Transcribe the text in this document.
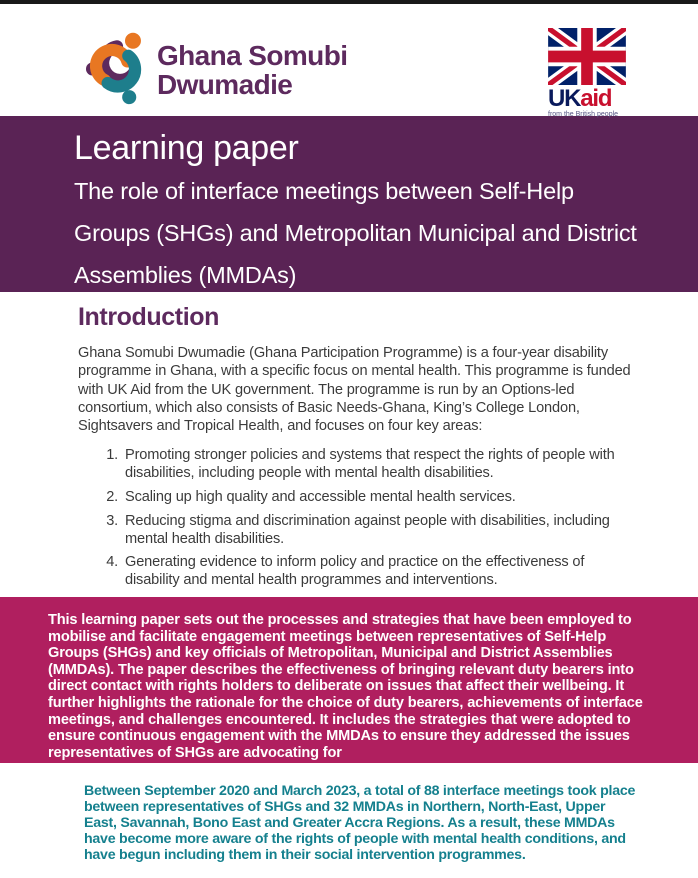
Ghana Somubi
Dwumadie	UKaid
from the British people
Learning paper
The role of interface meetings between Self-Help
Groups (SHGs) and Metropolitan Municipal and District
Assemblies (MMDAs)
Introduction

Ghana Somubi Dwumadie (Ghana Participation Programme) is a four-year disability programme in Ghana, with a specific focus on mental health. This programme is funded with UK Aid from the UK government. The programme is run by an Options-led consortium, which also consists of Basic Needs-Ghana, King’s College London, Sightsavers and Tropical Health, and focuses on four key areas:

1. Promoting stronger policies and systems that respect the rights of people with disabilities, including people with mental health disabilities.
2. Scaling up high quality and accessible mental health services.
3. Reducing stigma and discrimination against people with disabilities, including mental health disabilities.
4. Generating evidence to inform policy and practice on the effectiveness of disability and mental health programmes and interventions.
This learning paper sets out the processes and strategies that have been employed to mobilise and facilitate engagement meetings between representatives of Self-Help Groups (SHGs) and key officials of Metropolitan, Municipal and District Assemblies (MMDAs). The paper describes the effectiveness of bringing relevant duty bearers into direct contact with rights holders to deliberate on issues that affect their wellbeing. It further highlights the rationale for the choice of duty bearers, achievements of interface meetings, and challenges encountered. It includes the strategies that were adopted to ensure continuous engagement with the MMDAs to ensure they addressed the issues representatives of SHGs are advocating for
Between September 2020 and March 2023, a total of 88 interface meetings took place between representatives of SHGs and 32 MMDAs in Northern, North-East, Upper East, Savannah, Bono East and Greater Accra Regions. As a result, these MMDAs have become more aware of the rights of people with mental health conditions, and have begun including them in their social intervention programmes.
